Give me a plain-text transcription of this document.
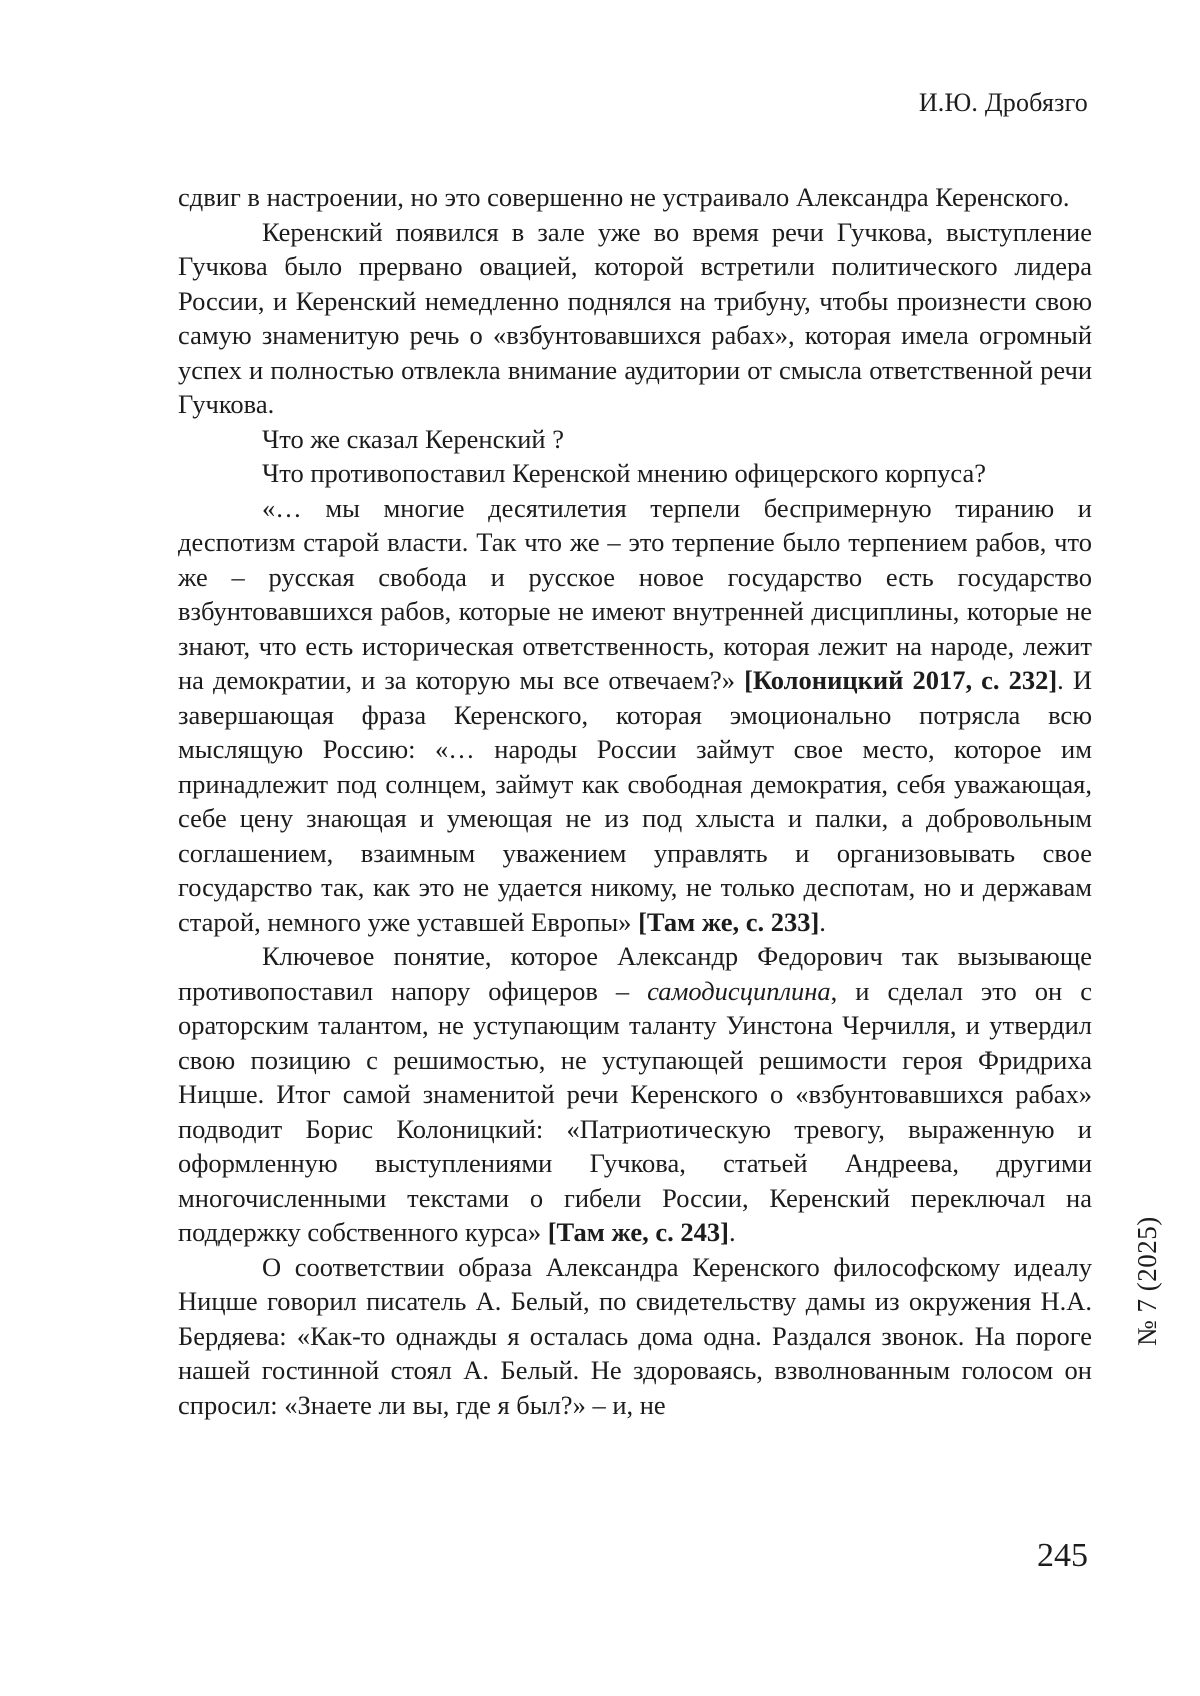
И.Ю. Дробязго

сдвиг в настроении, но это совершенно не устраивало Александра Керенского.

Керенский появился в зале уже во время речи Гучкова, выступление Гучкова было прервано овацией, которой встретили политического лидера России, и Керенский немедленно поднялся на трибуну, чтобы произнести свою самую знаменитую речь о «взбунтовавшихся рабах», которая имела огромный успех и полностью отвлекла внимание аудитории от смысла ответственной речи Гучкова.

Что же сказал Керенский ?

Что противопоставил Керенской мнению офицерского корпуса?

«… мы многие десятилетия терпели беспримерную тиранию и деспотизм старой власти. Так что же – это терпение было терпением рабов, что же – русская свобода и русское новое государство есть государство взбунтовавшихся рабов, которые не имеют внутренней дисциплины, которые не знают, что есть историческая ответственность, которая лежит на народе, лежит на демократии, и за которую мы все отвечаем?» [Колоницкий 2017, с. 232]. И завершающая фраза Керенского, которая эмоционально потрясла всю мыслящую Россию: «… народы России займут свое место, которое им принадлежит под солнцем, займут как свободная демократия, себя уважающая, себе цену знающая и умеющая не из под хлыста и палки, а добровольным соглашением, взаимным уважением управлять и организовывать свое государство так, как это не удается никому, не только деспотам, но и державам старой, немного уже уставшей Европы» [Там же, с. 233].

Ключевое понятие, которое Александр Федорович так вызывающе противопоставил напору офицеров – самодисциплина, и сделал это он с ораторским талантом, не уступающим таланту Уинстона Черчилля, и утвердил свою позицию с решимостью, не уступающей решимости героя Фридриха Ницше. Итог самой знаменитой речи Керенского о «взбунтовавшихся рабах» подводит Борис Колоницкий: «Патриотическую тревогу, выраженную и оформленную выступлениями Гучкова, статьей Андреева, другими многочисленными текстами о гибели России, Керенский переключал на поддержку собственного курса» [Там же, с. 243].

О соответствии образа Александра Керенского философскому идеалу Ницше говорил писатель А. Белый, по свидетельству дамы из окружения Н.А. Бердяева: «Как-то однажды я осталась дома одна. Раздался звонок. На пороге нашей гостинной стоял А. Белый. Не здороваясь, взволнованным голосом он спросил: «Знаете ли вы, где я был?» – и, не

№ 7 (2025)
245
